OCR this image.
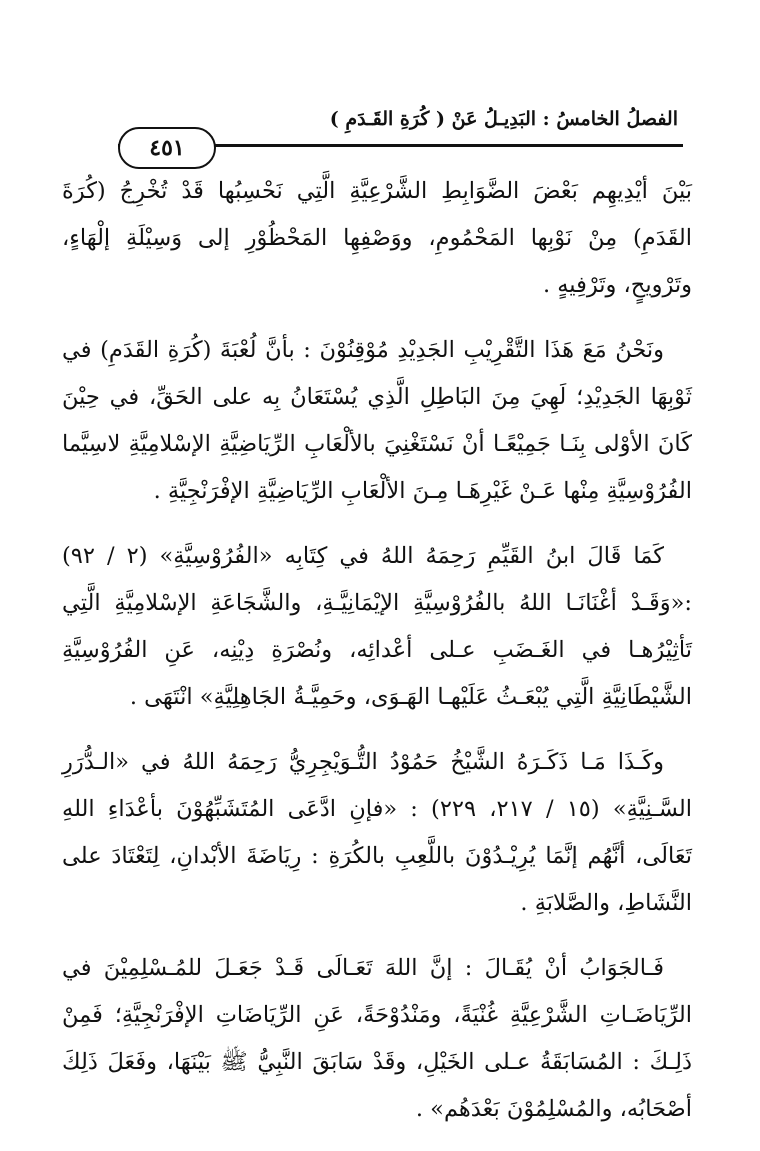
الفصلُ الخامسُ : البَدِيـلُ عَنْ ( كُرَةِ القَـدَمِ )
٤٥١

بَيْنَ أيْدِيهِم بَعْضَ الضَّوَابِطِ الشَّرْعِيَّةِ الَّتِي نَحْسِبُها قَدْ تُخْرِجُ (كُرَةَ القَدَمِ) مِنْ نَوْبِها المَحْمُومِ، ووَصْفِهِا المَحْظُوْرِ إلى وَسِيْلَةِ إلْهَاءٍ، وتَرْويحٍ، وتَرْفِيهٍ .

ونَحْنُ مَعَ هَذَا التَّقْرِيْبِ الجَدِيْدِ مُوْقِنُوْنَ : بأنَّ لُعْبَةَ (كُرَةِ القَدَمِ) في ثَوْبِهَا الجَدِيْدِ؛ لَهِيَ مِنَ البَاطِلِ الَّذِي يُسْتَعَانُ بِه على الحَقِّ، في حِيْنَ كَانَ الأوْلى بِنَـا جَمِيْعًـا أنْ نَسْتَغْنِيَ بالألْعَابِ الرِّيَاضِيَّةِ الإسْلامِيَّةِ لاسِيَّما الفُرُوْسِيَّةِ مِنْها عَـنْ غَيْرِهَـا مِـنَ الألْعَابِ الرِّيَاضِيَّةِ الإفْرَنْجِيَّةِ .

كَمَا قَالَ ابنُ القَيِّمِ رَحِمَهُ اللهُ في كِتَابِه «الفُرُوْسِيَّةِ» (٢ / ٩٢) :«وَقَـدْ أغْنَانَـا اللهُ بالفُرُوْسِيَّةِ الإيْمَانِيَّـةِ، والشَّجَاعَةِ الإسْلامِيَّةِ الَّتِي تَأثِيْرُهـا في الغَـضَبِ عـلى أعْدائِه، ونُصْرَةِ دِيْنِه، عَنِ الفُرُوْسِيَّةِ الشَّيْطَانِيَّةِ الَّتِي يُبْعَـثُ عَلَيْهـا الهَـوَى، وحَمِيَّـةُ الجَاهِلِيَّةِ» انْتَهَى .

وكَـذَا مَـا ذَكَـرَهُ الشَّيْخُ حَمُوْدُ التُّـوَيْجِرِيُّ رَحِمَهُ اللهُ في «الـدُّرَرِ السَّـنِيَّةِ» (١٥ / ٢١٧، ٢٢٩) : «فإنِ ادَّعَى المُتَشَبِّهُوْنَ بأعْدَاءِ اللهِ تَعَالَى، أنَّهُم إنَّمَا يُرِيْـدُوْنَ باللَّعِبِ بالكُرَةِ : رِيَاضَةَ الأبْدانِ، لِتَعْتَادَ على النَّشَاطِ، والصَّلابَةِ .

فَـالجَوَابُ أنْ يُقَـالَ : إنَّ اللهَ تَعَـالَى قَـدْ جَعَـلَ للمُـسْلِمِيْنَ في الرِّيَاضَـاتِ الشَّرْعِيَّةِ غُنْيَةً، ومَنْدُوْحَةً، عَنِ الرِّيَاضَاتِ الإفْرَنْجِيَّةِ؛ فَمِنْ ذَلِـكَ : المُسَابَقَةُ عـلى الخَيْلِ، وقَدْ سَابَقَ النَّبِيُّ ﷺ بَيْنَهَا، وفَعَلَ ذَلِكَ أصْحَابُه، والمُسْلِمُوْنَ بَعْدَهُم» .
